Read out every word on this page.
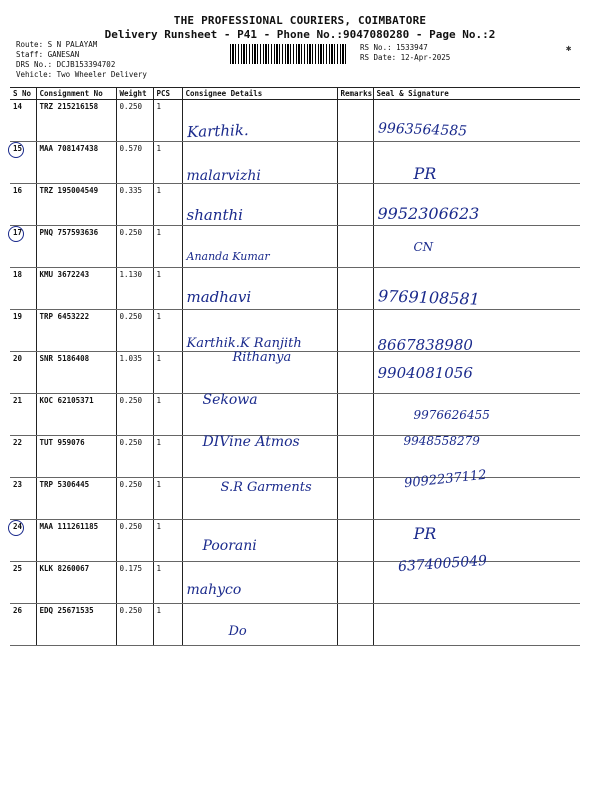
THE PROFESSIONAL COURIERS, COIMBATORE
Delivery Runsheet - P41 - Phone No.:9047080280 - Page No.:2
Route: S N PALAYAM
Staff: GANESAN
DRS No.: DCJB153394702
Vehicle: Two Wheeler Delivery
RS No.: 1533947
RS Date: 12-Apr-2025
✱
S No	Consignment No	Weight	PCS	Consignee Details	Remarks	Seal & Signature
14	TRZ 215216158	0.250	1	Karthik.		9963564585

15	MAA 708147438	0.570	1	malarvizhi		PR

16	TRZ 195004549	0.335	1	shanthi		9952306623

17	PNQ 757593636	0.250	1	Ananda Kumar		CN

18	KMU 3672243	1.130	1	madhavi		9769108581

19	TRP 6453222	0.250	1	Karthik.K Ranjith		8667838980

20	SNR 5186408	1.035	1	Rithanya		9904081056

21	KOC 62105371	0.250	1	Sekowa		9976626455

22	TUT 959076	0.250	1	DIVine Atmos		9948558279

23	TRP 5306445	0.250	1	S.R Garments		9092237112

24	MAA 111261185	0.250	1	Poorani		PR

25	KLK 8260067	0.175	1	mahyco		6374005049

26	EDQ 25671535	0.250	1	Do		
